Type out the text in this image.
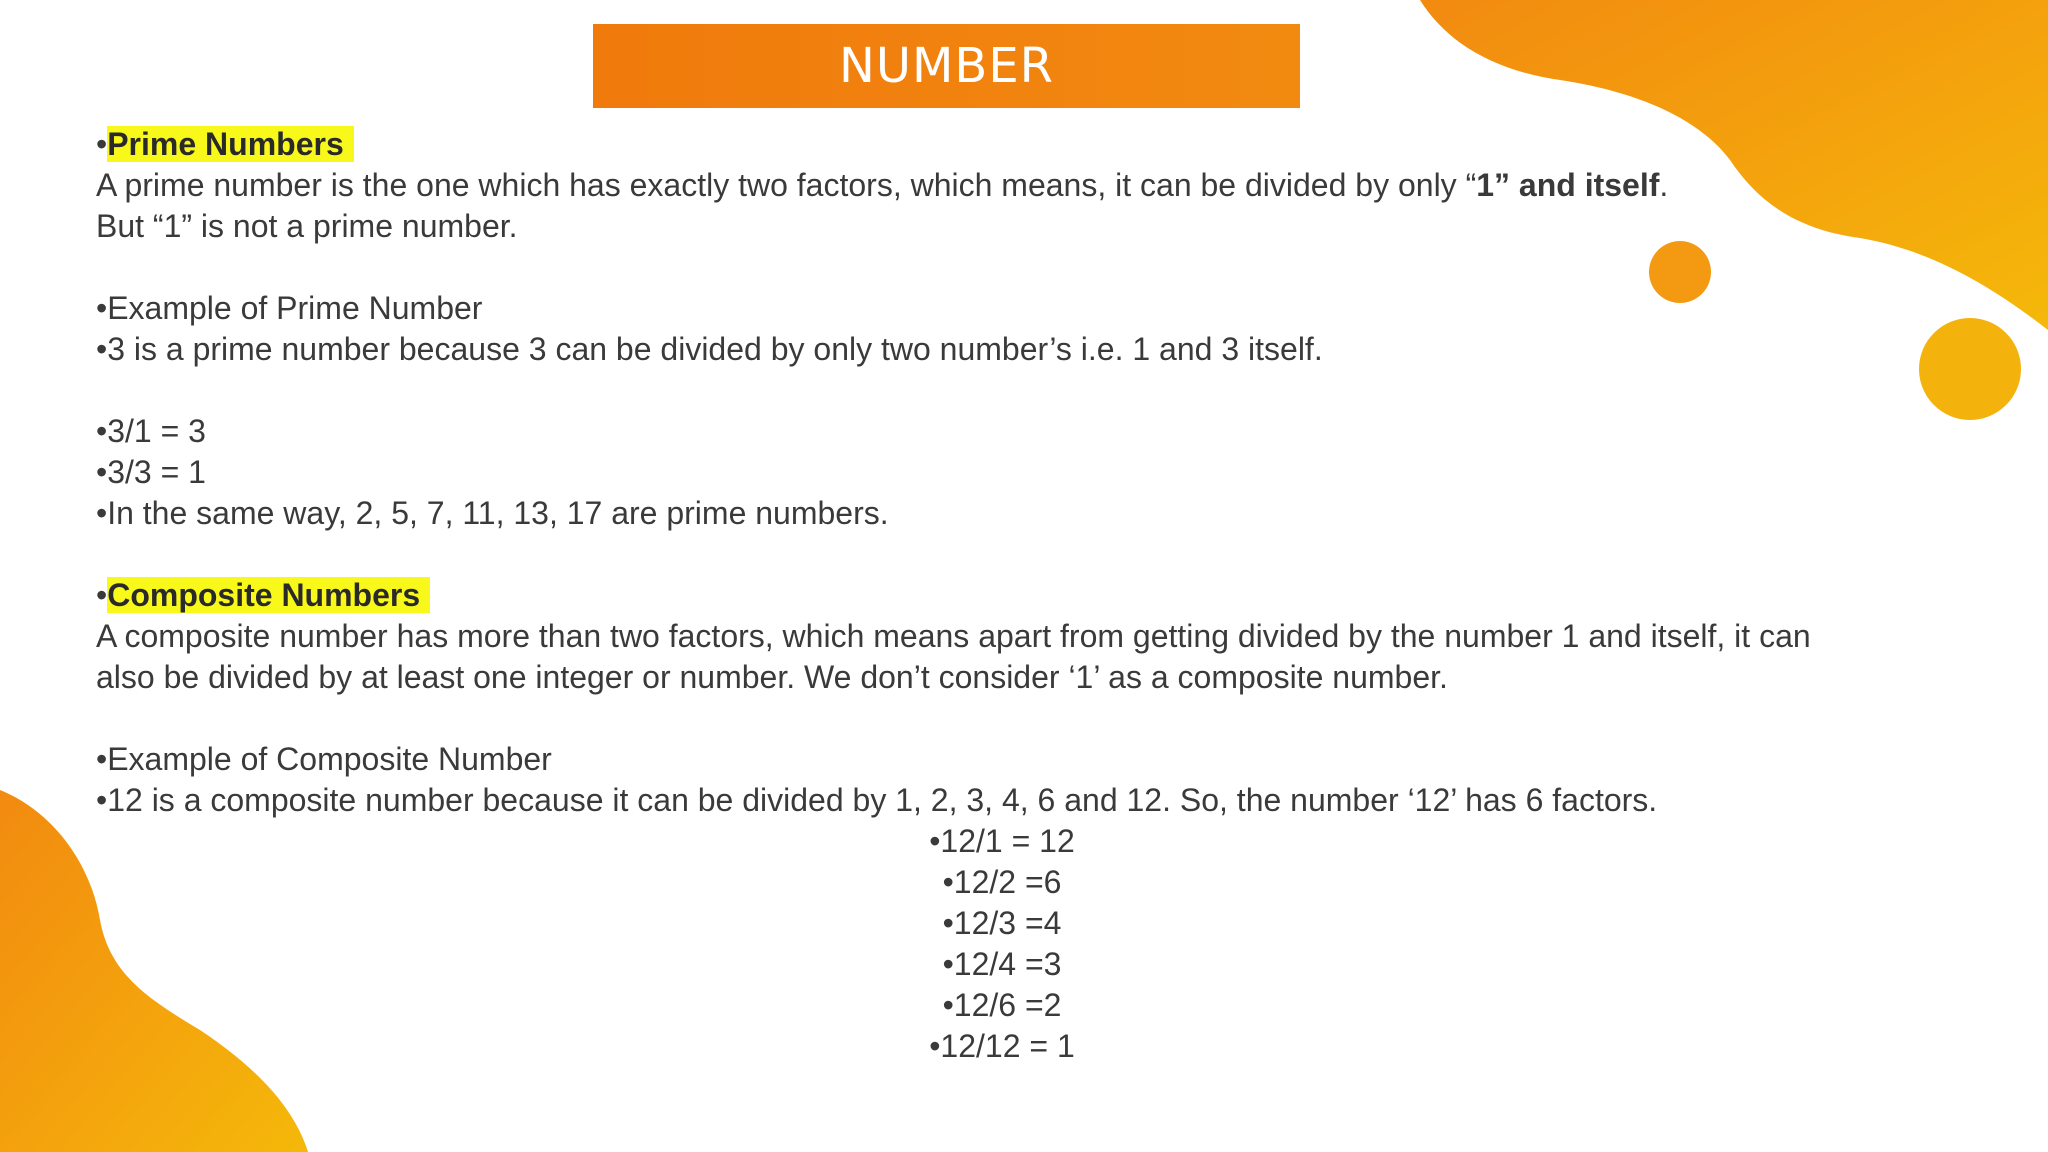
NUMBER
•Prime Numbers
A prime number is the one which has exactly two factors, which means, it can be divided by only “1” and itself.
But “1” is not a prime number.
•Example of Prime Number
•3 is a prime number because 3 can be divided by only two number’s i.e. 1 and 3 itself.
•3/1 = 3
•3/3 = 1
•In the same way, 2, 5, 7, 11, 13, 17 are prime numbers.
•Composite Numbers
A composite number has more than two factors, which means apart from getting divided by the number 1 and itself, it can
also be divided by at least one integer or number. We don’t consider ‘1’ as a composite number.
•Example of Composite Number
•12 is a composite number because it can be divided by 1, 2, 3, 4, 6 and 12. So, the number ‘12’ has 6 factors.
•12/1 = 12
•12/2 =6
•12/3 =4
•12/4 =3
•12/6 =2
•12/12 = 1
